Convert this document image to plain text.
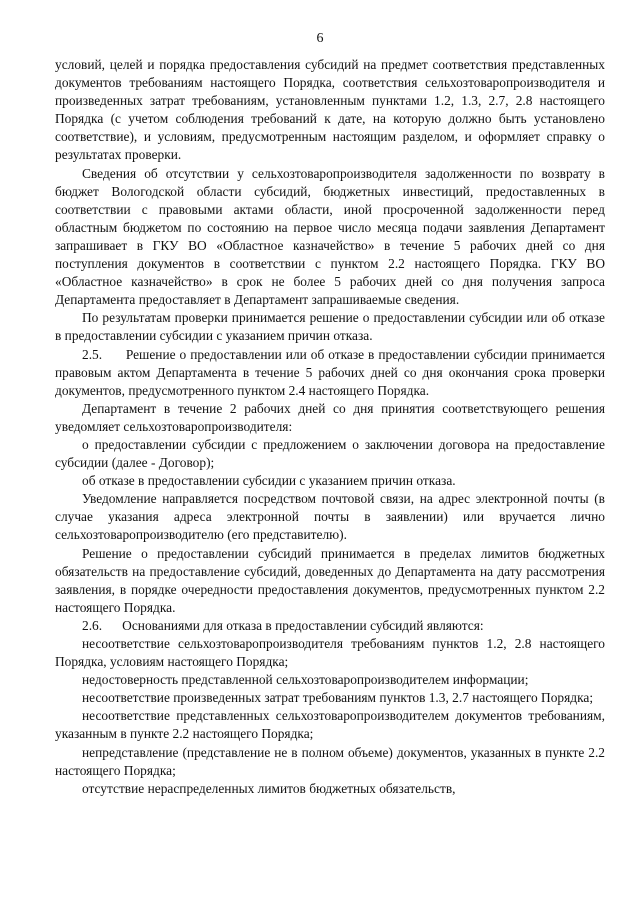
6

условий, целей и порядка предоставления субсидий на предмет соответствия представленных документов требованиям настоящего Порядка, соответствия сельхозтоваропроизводителя и произведенных затрат требованиям, установленным пунктами 1.2, 1.3, 2.7, 2.8 настоящего Порядка (с учетом соблюдения требований к дате, на которую должно быть установлено соответствие), и условиям, предусмотренным настоящим разделом, и оформляет справку о результатах проверки.

Сведения об отсутствии у сельхозтоваропроизводителя задолженности по возврату в бюджет Вологодской области субсидий, бюджетных инвестиций, предоставленных в соответствии с правовыми актами области, иной просроченной задолженности перед областным бюджетом по состоянию на первое число месяца подачи заявления Департамент запрашивает в ГКУ ВО «Областное казначейство» в течение 5 рабочих дней со дня поступления документов в соответствии с пунктом 2.2 настоящего Порядка. ГКУ ВО «Областное казначейство» в срок не более 5 рабочих дней со дня получения запроса Департамента предоставляет в Департамент запрашиваемые сведения.

По результатам проверки принимается решение о предоставлении субсидии или об отказе в предоставлении субсидии с указанием причин отказа.

2.5.      Решение о предоставлении или об отказе в предоставлении субсидии принимается правовым актом Департамента в течение 5 рабочих дней со дня окончания срока проверки документов, предусмотренного пунктом 2.4 настоящего Порядка.

Департамент в течение 2 рабочих дней со дня принятия соответствующего решения уведомляет сельхозтоваропроизводителя:

о предоставлении субсидии с предложением о заключении договора на предоставление субсидии (далее - Договор);

об отказе в предоставлении субсидии с указанием причин отказа.

Уведомление направляется посредством почтовой связи, на адрес электронной почты (в случае указания адреса электронной почты в заявлении) или вручается лично сельхозтоваропроизводителю (его представителю).

Решение о предоставлении субсидий принимается в пределах лимитов бюджетных обязательств на предоставление субсидий, доведенных до Департамента на дату рассмотрения заявления, в порядке очередности предоставления документов, предусмотренных пунктом 2.2 настоящего Порядка.

2.6.      Основаниями для отказа в предоставлении субсидий являются:

несоответствие сельхозтоваропроизводителя требованиям пунктов 1.2, 2.8 настоящего Порядка, условиям настоящего Порядка;

недостоверность представленной сельхозтоваропроизводителем информации;

несоответствие произведенных затрат требованиям пунктов 1.3, 2.7 настоящего Порядка;

несоответствие представленных сельхозтоваропроизводителем документов требованиям, указанным в пункте 2.2 настоящего Порядка;

непредставление (представление не в полном объеме) документов, указанных в пункте 2.2 настоящего Порядка;

отсутствие нераспределенных лимитов бюджетных обязательств,
